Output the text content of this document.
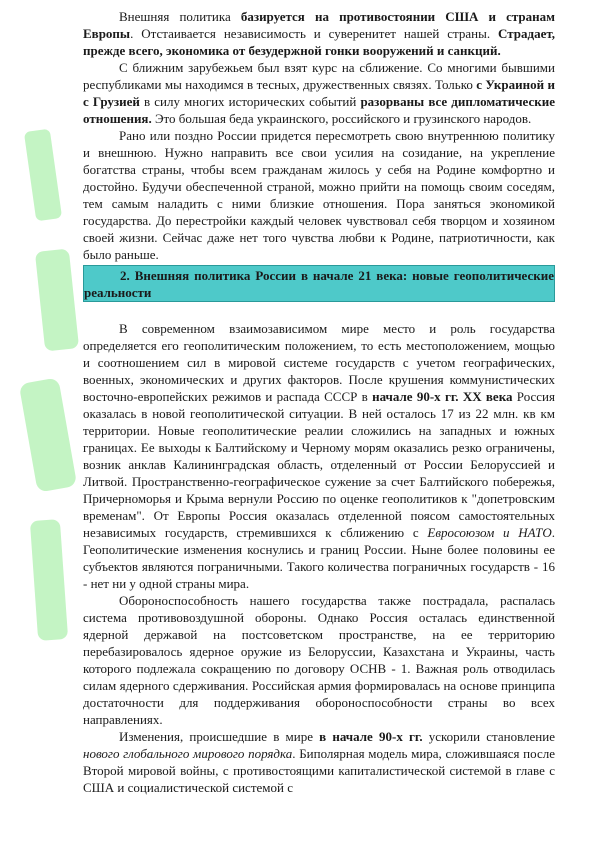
Внешняя политика базируется на противостоянии США и странам Европы. Отстаивается независимость и суверенитет нашей страны. Страдает, прежде всего, экономика от безудержной гонки вооружений и санкций.

С ближним зарубежьем был взят курс на сближение. Со многими бывшими республиками мы находимся в тесных, дружественных связях. Только с Украиной и с Грузией в силу многих исторических событий разорваны все дипломатические отношения. Это большая беда украинского, российского и грузинского народов.

Рано или поздно России придется пересмотреть свою внутреннюю политику и внешнюю. Нужно направить все свои усилия на созидание, на укрепление богатства страны, чтобы всем гражданам жилось у себя на Родине комфортно и достойно. Будучи обеспеченной страной, можно прийти на помощь своим соседям, тем самым наладить с ними близкие отношения. Пора заняться экономикой государства. До перестройки каждый человек чувствовал себя творцом и хозяином своей жизни. Сейчас даже нет того чувства любви к Родине, патриотичности, как было раньше.

2. Внешняя политика России в начале 21 века: новые геополитические реальности

В современном взаимозависимом мире место и роль государства определяется его геополитическим положением, то есть местоположением, мощью и соотношением сил в мировой системе государств с учетом географических, военных, экономических и других факторов. После крушения коммунистических восточно-европейских режимов и распада СССР в начале 90-х гг. XX века Россия оказалась в новой геополитической ситуации. В ней осталось 17 из 22 млн. кв км территории. Новые геополитические реалии сложились на западных и южных границах. Ее выходы к Балтийскому и Черному морям оказались резко ограничены, возник анклав Калининградская область, отделенный от России Белоруссией и Литвой. Пространственно-географическое сужение за счет Балтийского побережья, Причерноморья и Крыма вернули Россию по оценке геополитиков к "допетровским временам". От Европы Россия оказалась отделенной поясом самостоятельных независимых государств, стремившихся к сближению с Евросоюзом и НАТО. Геополитические изменения коснулись и границ России. Ныне более половины ее субъектов являются пограничными. Такого количества пограничных государств - 16 - нет ни у одной страны мира.

Обороноспособность нашего государства также пострадала, распалась система противовоздушной обороны. Однако Россия осталась единственной ядерной державой на постсоветском пространстве, на ее территорию перебазировалось ядерное оружие из Белоруссии, Казахстана и Украины, часть которого подлежала сокращению по договору ОСНВ - 1. Важная роль отводилась силам ядерного сдерживания. Российская армия формировалась на основе принципа достаточности для поддерживания обороноспособности страны во всех направлениях.

Изменения, происшедшие в мире в начале 90-х гг. ускорили становление нового глобального мирового порядка. Биполярная модель мира, сложившаяся после Второй мировой войны, с противостоящими капиталистической системой в главе с США и социалистической системой с
